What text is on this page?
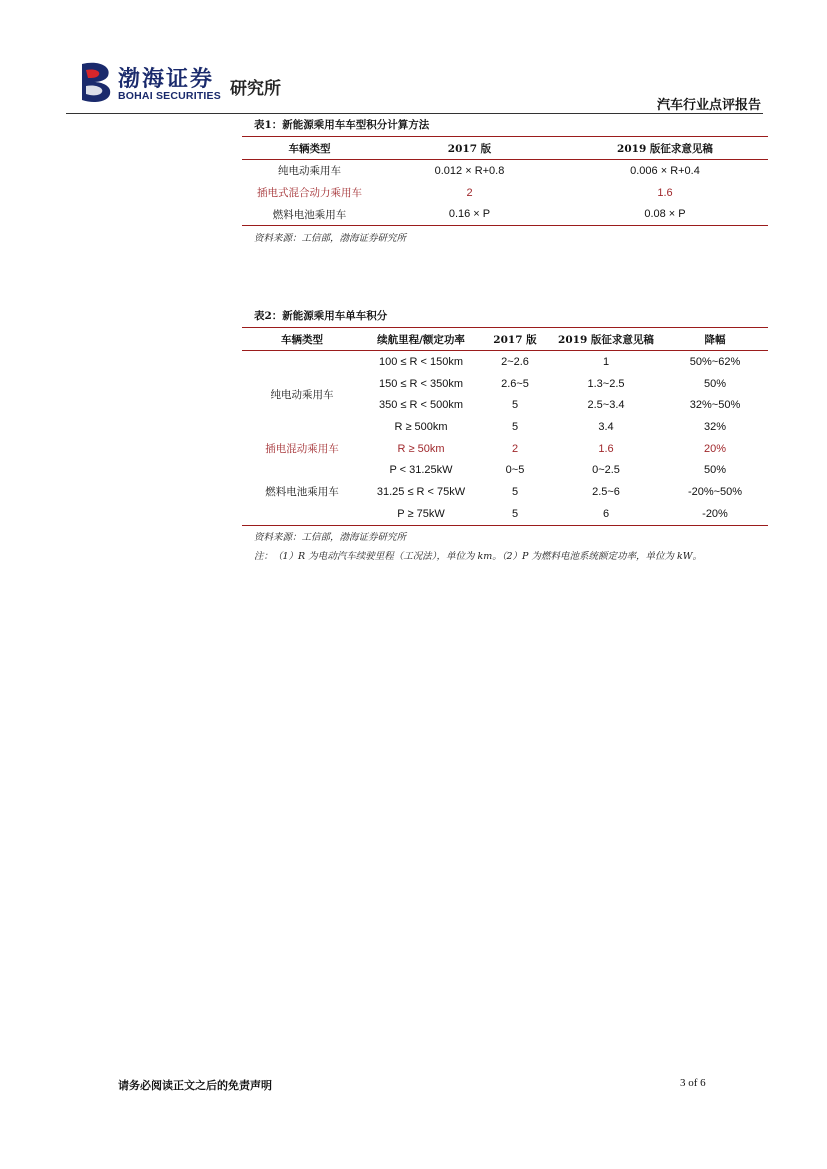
渤海证券
BOHAI SECURITIES 研究所
汽车行业点评报告
表1：新能源乘用车车型积分计算方法
车辆类型	2017 版	2019 版征求意见稿
纯电动乘用车	0.012 × R+0.8	0.006 × R+0.4
插电式混合动力乘用车	2	1.6
燃料电池乘用车	0.16 × P	0.08 × P
资料来源：工信部，渤海证券研究所
表2：新能源乘用车单车积分
车辆类型	续航里程/额定功率	2017 版	2019 版征求意见稿	降幅
纯电动乘用车	100 ≤ R < 150km	2~2.6	1	50%~62%
	150 ≤ R < 350km	2.6~5	1.3~2.5	50%
	350 ≤ R < 500km	5	2.5~3.4	32%~50%
	R ≥ 500km	5	3.4	32%
插电混动乘用车	R ≥ 50km	2	1.6	20%
燃料电池乘用车	P < 31.25kW	0~5	0~2.5	50%
	31.25 ≤ R < 75kW	5	2.5~6	-20%~50%
	P ≥ 75kW	5	6	-20%
资料来源：工信部，渤海证券研究所
注：（1）R 为电动汽车续驶里程（工况法），单位为 km。（2）P 为燃料电池系统额定功率，单位为 kW。
请务必阅读正文之后的免责声明	3 of 6
